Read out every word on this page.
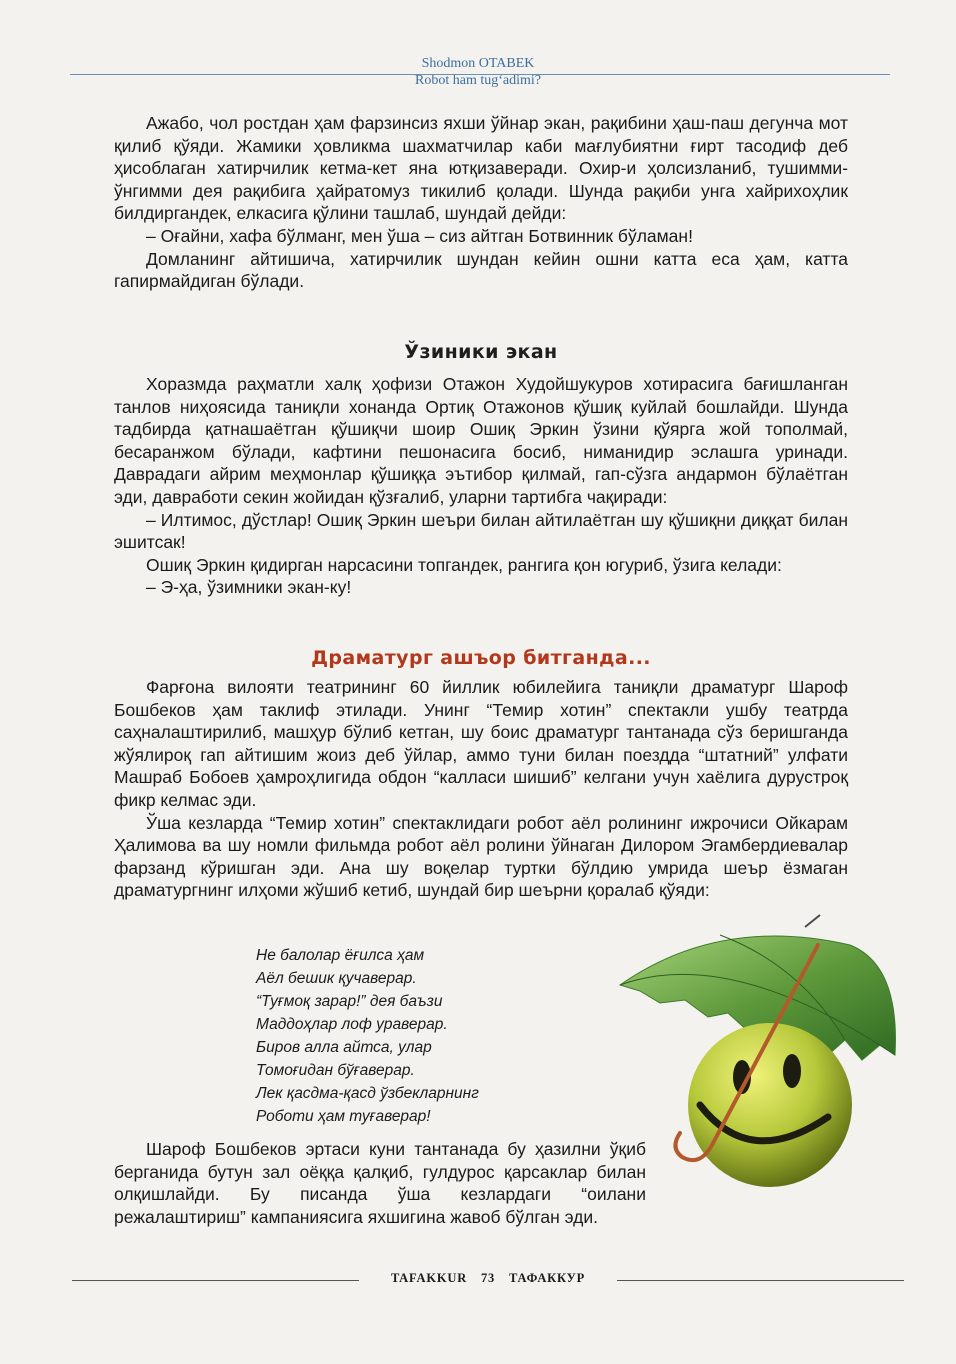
Shodmon OTABEK
Robot ham tug‘adimi?

Ажабо, чол ростдан ҳам фарзинсиз яхши ўйнар экан, рақибини ҳаш-паш дегунча мот қилиб қўяди. Жамики ҳовликма шахматчилар каби мағлубиятни ғирт тасодиф деб ҳисоблаган хатирчилик кетма-кет яна ютқизаверади. Охир-и ҳолсизланиб, тушимми-ўнгимми дея рақибига ҳайратомуз тикилиб қолади. Шунда рақиби унга хайрихоҳлик билдиргандек, елкасига қўлини ташлаб, шундай дейди:

– Оғайни, хафа бўлманг, мен ўша – сиз айтган Ботвинник бўламан!

Домланинг айтишича, хатирчилик шундан кейин ошни катта еса ҳам, катта гапирмайдиган бўлади.

Ўзиники экан

Хоразмда раҳматли халқ ҳофизи Отажон Худойшукуров хотирасига бағишланган танлов ниҳоясида таниқли хонанда Ортиқ Отажонов қўшиқ куйлай бошлайди. Шунда тадбирда қатнашаётган қўшиқчи шоир Ошиқ Эркин ўзини қўярга жой тополмай, бесаранжом бўлади, кафтини пешонасига босиб, ниманидир эслашга уринади. Даврадаги айрим меҳмонлар қўшиққа эътибор қилмай, гап-сўзга андармон бўлаётган эди, давработи секин жойидан қўзғалиб, уларни тартибга чақиради:

– Илтимос, дўстлар! Ошиқ Эркин шеъри билан айтилаётган шу қўшиқни диққат билан эшитсак!

Ошиқ Эркин қидирган нарсасини топгандек, рангига қон югуриб, ўзига келади:

– Э-ҳа, ўзимники экан-ку!

Драматург ашъор битганда...

Фарғона вилояти театрининг 60 йиллик юбилейига таниқли драматург Шароф Бошбеков ҳам таклиф этилади. Унинг “Темир хотин” спектакли ушбу театрда саҳналаштирилиб, машҳур бўлиб кетган, шу боис драматург тантанада сўз беришганда жўялироқ гап айтишим жоиз деб ўйлар, аммо туни билан поездда “штатний” улфати Машраб Бобоев ҳамроҳлигида обдон “калласи шишиб” келгани учун хаёлига дурустроқ фикр келмас эди.

Ўша кезларда “Темир хотин” спектаклидаги робот аёл ролининг ижрочиси Ойкарам Ҳалимова ва шу номли фильмда робот аёл ролини ўйнаган Дилором Эгамбердиевалар фарзанд кўришган эди. Ана шу воқелар туртки бўлдию умрида шеър ёзмаган драматургнинг илҳоми жўшиб кетиб, шундай бир шеърни қоралаб қўяди:

Не балолар ёғилса ҳам
Аёл бешик қучаверар.
“Туғмоқ зарар!” дея баъзи
Маддоҳлар лоф ураверар.
Биров алла айтса, улар
Томоғидан бўғаверар.
Лек қасдма-қасд ўзбекларнинг
Роботи ҳам туғаверар!

Шароф Бошбеков эртаси куни тантанада бу ҳазилни ўқиб берганида бутун зал оёққа қалқиб, гулдурос қарсаклар билан олқишлайди. Бу писанда ўша кезлардаги “оилани режалаштириш” кампаниясига яхшигина жавоб бўлган эди.

TAFAKKUR 73 ТАФАККУР
